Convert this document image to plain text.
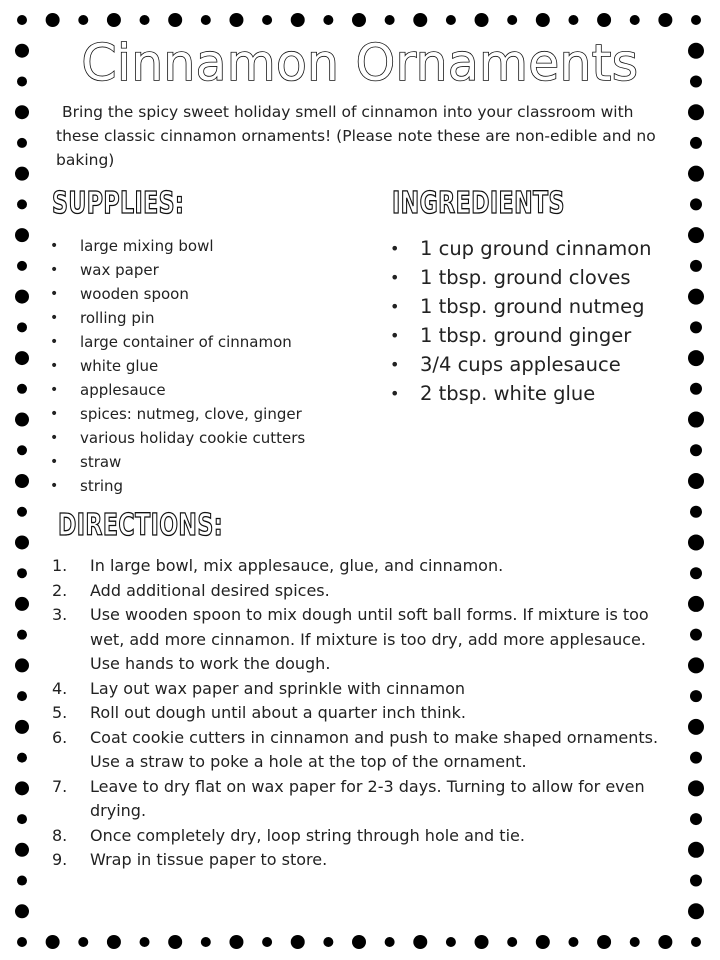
Cinnamon Ornaments

Bring the spicy sweet holiday smell of cinnamon into your classroom with these classic cinnamon ornaments! (Please note these are non-edible and no baking)

SUPPLIES:
• large mixing bowl
• wax paper
• wooden spoon
• rolling pin
• large container of cinnamon
• white glue
• applesauce
• spices: nutmeg, clove, ginger
• various holiday cookie cutters
• straw
• string
INGREDIENTS
• 1 cup ground cinnamon
• 1 tbsp. ground cloves
• 1 tbsp. ground nutmeg
• 1 tbsp. ground ginger
• 3/4 cups applesauce
• 2 tbsp. white glue
DIRECTIONS:
1. In large bowl, mix applesauce, glue, and cinnamon.
2. Add additional desired spices.
3. Use wooden spoon to mix dough until soft ball forms. If mixture is too wet, add more cinnamon. If mixture is too dry, add more applesauce. Use hands to work the dough.
4. Lay out wax paper and sprinkle with cinnamon
5. Roll out dough until about a quarter inch think.
6. Coat cookie cutters in cinnamon and push to make shaped ornaments. Use a straw to poke a hole at the top of the ornament.
7. Leave to dry flat on wax paper for 2-3 days. Turning to allow for even drying.
8. Once completely dry, loop string through hole and tie.
9. Wrap in tissue paper to store.
